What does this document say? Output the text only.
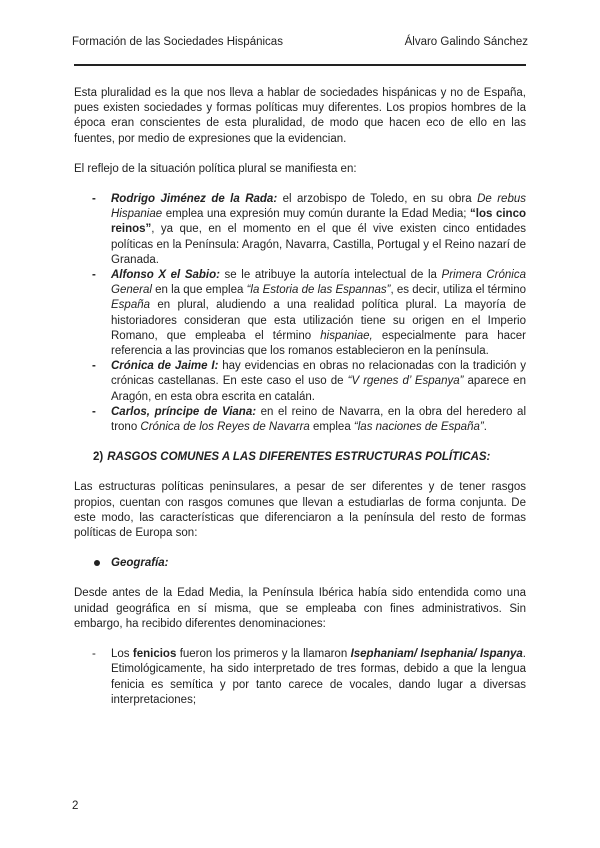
Formación de las Sociedades Hispánicas	Álvaro Galindo Sánchez

Esta pluralidad es la que nos lleva a hablar de sociedades hispánicas y no de España, pues existen sociedades y formas políticas muy diferentes. Los propios hombres de la época eran conscientes de esta pluralidad, de modo que hacen eco de ello en las fuentes, por medio de expresiones que la evidencian.

El reflejo de la situación política plural se manifiesta en:

- Rodrigo Jiménez de la Rada: el arzobispo de Toledo, en su obra De rebus Hispaniae emplea una expresión muy común durante la Edad Media; “los cinco reinos”, ya que, en el momento en el que él vive existen cinco entidades políticas en la Península: Aragón, Navarra, Castilla, Portugal y el Reino nazarí de Granada.
- Alfonso X el Sabio: se le atribuye la autoría intelectual de la Primera Crónica General en la que emplea “la Estoria de las Espannas”, es decir, utiliza el término España en plural, aludiendo a una realidad política plural. La mayoría de historiadores consideran que esta utilización tiene su origen en el Imperio Romano, que empleaba el término hispaniae, especialmente para hacer referencia a las provincias que los romanos establecieron en la península.
- Crónica de Jaime I: hay evidencias en obras no relacionadas con la tradición y crónicas castellanas. En este caso el uso de “V rgenes d’ Espanya” aparece en Aragón, en esta obra escrita en catalán.
- Carlos, príncipe de Viana: en el reino de Navarra, en la obra del heredero al trono Crónica de los Reyes de Navarra emplea “las naciones de España”.
2) RASGOS COMUNES A LAS DIFERENTES ESTRUCTURAS POLÍTICAS:

Las estructuras políticas peninsulares, a pesar de ser diferentes y de tener rasgos propios, cuentan con rasgos comunes que llevan a estudiarlas de forma conjunta. De este modo, las características que diferenciaron a la península del resto de formas políticas de Europa son:

Geografía:

Desde antes de la Edad Media, la Península Ibérica había sido entendida como una unidad geográfica en sí misma, que se empleaba con fines administrativos. Sin embargo, ha recibido diferentes denominaciones:

- Los fenicios fueron los primeros y la llamaron Isephaniam/ Isephania/ Ispanya. Etimológicamente, ha sido interpretado de tres formas, debido a que la lengua fenicia es semítica y por tanto carece de vocales, dando lugar a diversas interpretaciones;
2
